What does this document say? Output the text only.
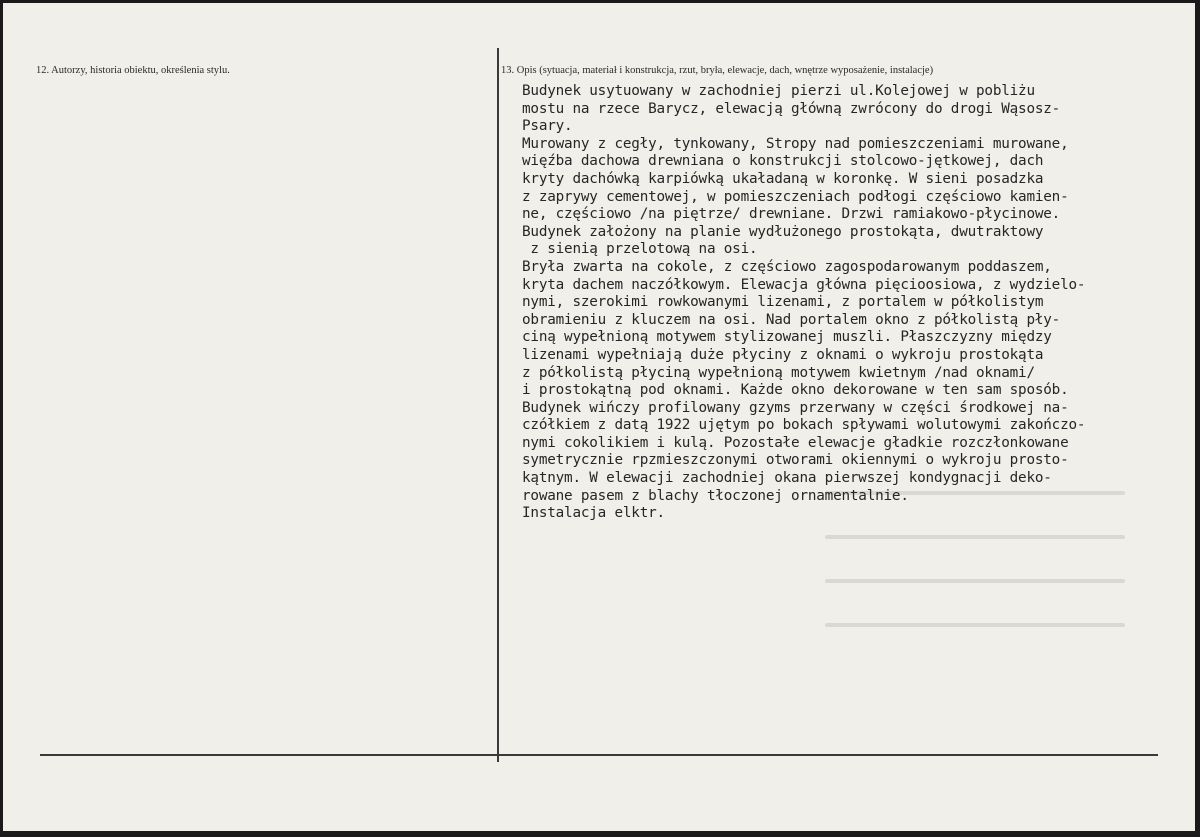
12. Autorzy, historia obiektu, określenia stylu.	13. Opis (sytuacja, materiał i konstrukcja, rzut, bryła, elewacje, dach, wnętrze wyposażenie, instalacje)
Budynek usytuowany w zachodniej pierzi ul.Kolejowej w pobliżu
mostu na rzece Barycz, elewacją główną zwrócony do drogi Wąsosz-
Psary.
Murowany z cegły, tynkowany, Stropy nad pomieszczeniami murowane,
więźba dachowa drewniana o konstrukcji stolcowo-jętkowej, dach
kryty dachówką karpiówką ukaładaną w koronkę. W sieni posadzka
z zaprywy cementowej, w pomieszczeniach podłogi częściowo kamien-
ne, częściowo /na piętrze/ drewniane. Drzwi ramiakowo-płycinowe.
Budynek założony na planie wydłużonego prostokąta, dwutraktowy
z sienią przelotową na osi.
Bryła zwarta na cokole, z częściowo zagospodarowanym poddaszem,
kryta dachem naczółkowym. Elewacja główna pięcioosiowa, z wydzielo-
nymi, szerokimi rowkowanymi lizenami, z portalem w półkolistym
obramieniu z kluczem na osi. Nad portalem okno z półkolistą pły-
ciną wypełnioną motywem stylizowanej muszli. Płaszczyzny między
lizenami wypełniają duże płyciny z oknami o wykroju prostokąta
z półkolistą płyciną wypełnioną motywem kwietnym /nad oknami/
i prostokątną pod oknami. Każde okno dekorowane w ten sam sposób.
Budynek wińczy profilowany gzyms przerwany w części środkowej na-
czółkiem z datą 1922 ujętym po bokach spływami wolutowymi zakończo-
nymi cokolikiem i kulą. Pozostałe elewacje gładkie rozczłonkowane
symetrycznie rpzmieszczonymi otworami okiennymi o wykroju prosto-
kątnym. W elewacji zachodniej okana pierwszej kondygnacji deko-
rowane pasem z blachy tłoczonej ornamentalnie.
Instalacja elktr.
